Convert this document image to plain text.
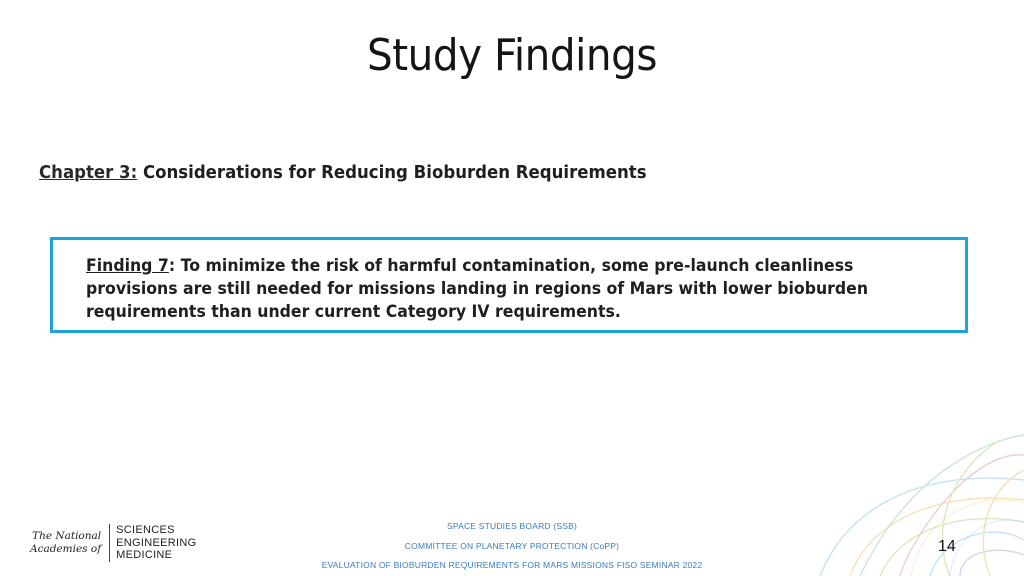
Study Findings
Chapter 3: Considerations for Reducing Bioburden Requirements
Finding 7: To minimize the risk of harmful contamination, some pre-launch cleanliness provisions are still needed for missions landing in regions of Mars with lower bioburden requirements than under current Category IV requirements.
The National
Academies of
SCIENCES
ENGINEERING
MEDICINE
SPACE STUDIES BOARD (SSB)
COMMITTEE ON PLANETARY PROTECTION (CoPP)
EVALUATION OF BIOBURDEN REQUIREMENTS FOR MARS MISSIONS FISO SEMINAR 2022
14
